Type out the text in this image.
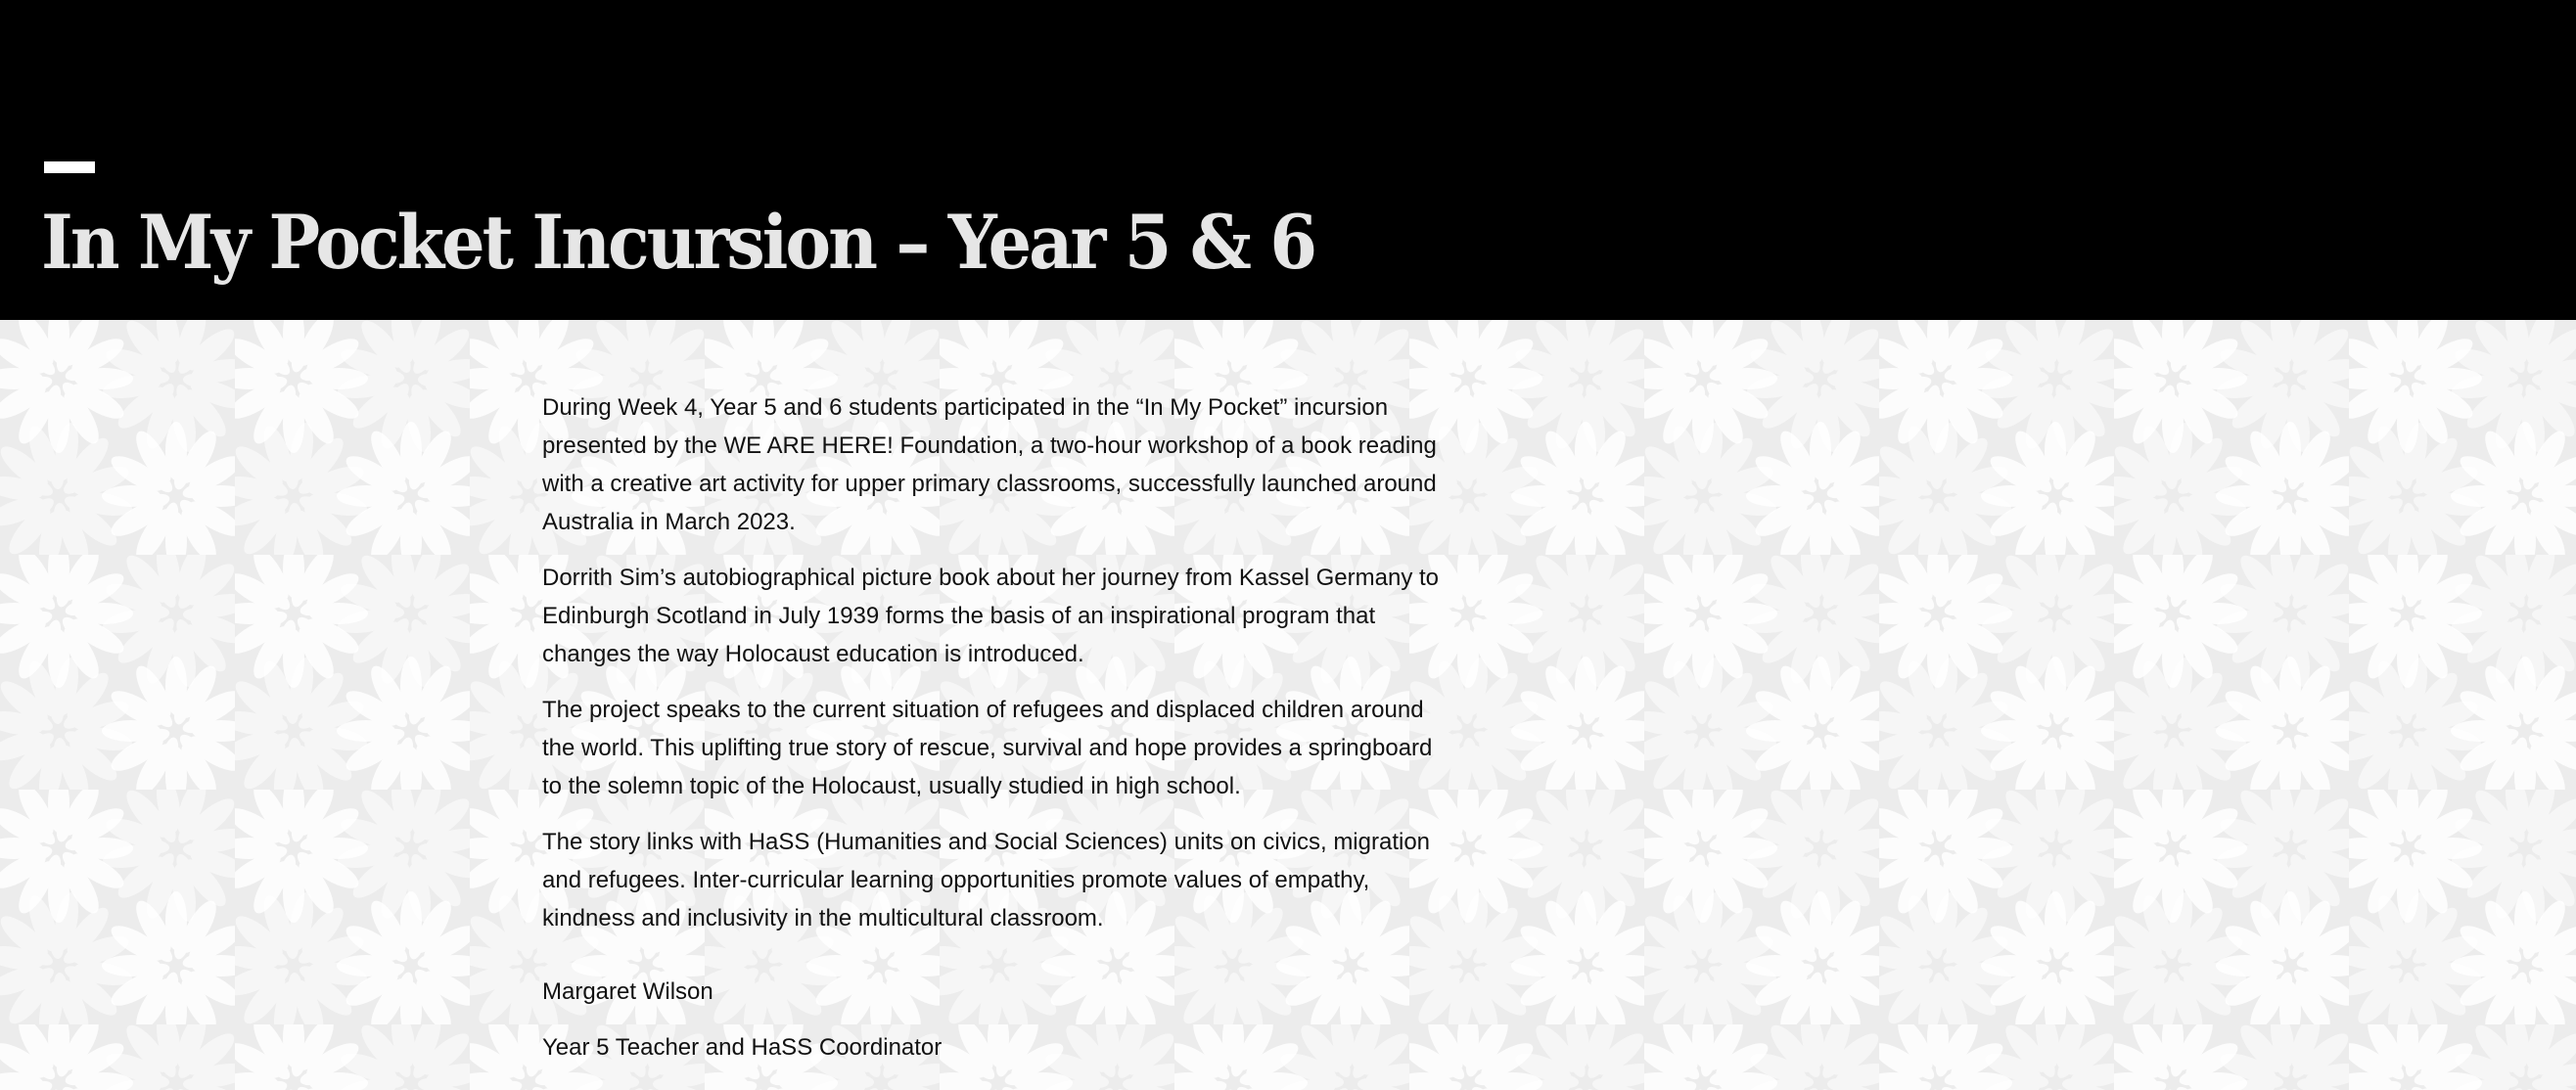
In My Pocket Incursion – Year 5 & 6

During Week 4, Year 5 and 6 students participated in the “In My Pocket” incursion presented by the WE ARE HERE! Foundation, a two-hour workshop of a book reading with a creative art activity for upper primary classrooms, successfully launched around Australia in March 2023.

Dorrith Sim’s autobiographical picture book about her journey from Kassel Germany to Edinburgh Scotland in July 1939 forms the basis of an inspirational program that changes the way Holocaust education is introduced.

The project speaks to the current situation of refugees and displaced children around the world. This uplifting true story of rescue, survival and hope provides a springboard to the solemn topic of the Holocaust, usually studied in high school.

The story links with HaSS (Humanities and Social Sciences) units on civics, migration and refugees. Inter-curricular learning opportunities promote values of empathy, kindness and inclusivity in the multicultural classroom.

Margaret Wilson

Year 5 Teacher and HaSS Coordinator
